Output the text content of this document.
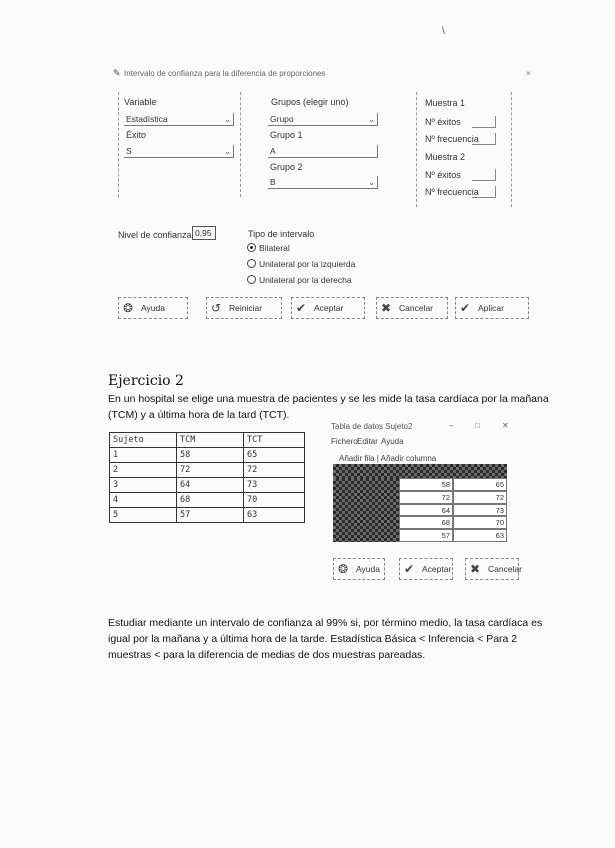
\
✎ Intervalo de confianza para la diferencia de proporciones	×
Variable
Estadística	⌄
Éxito
S	⌄
Grupos (elegir uno)
Grupo	⌄
Grupo 1
A
Grupo 2
B	⌄
Muestra 1
Nº éxitos
Nº frecuencia
Muestra 2
Nº éxitos
Nº frecuencia
Nivel de confianza 0,95	Tipo de intervalo
Bilateral
Unilateral por la izquierda
Unilateral por la derecha
❂ Ayuda	↺ Reiniciar	✔ Aceptar	✖ Cancelar	✔ Aplicar
Ejercicio 2
En un hospital se elige una muestra de pacientes y se les mide la tasa cardíaca por la mañana
(TCM) y a última hora de la tard (TCT).
Sujeto	TCM	TCT
1	58	65
2	72	72
3	64	73
4	68	70
5	57	63
Tabla de datos Sujeto2	–	□	✕
Fichero Editar Ayuda
Añadir fila | Añadir columna
58	65
72	72
64	73
68	70
57	63
❂ Ayuda	✔ Aceptar ✖ Cancelar
Estudiar mediante un intervalo de confianza al 99% si, por término medio, la tasa cardíaca es
igual por la mañana y a última hora de la tarde. Estadística Básica < Inferencia < Para 2
muestras < para la diferencia de medias de dos muestras pareadas.
